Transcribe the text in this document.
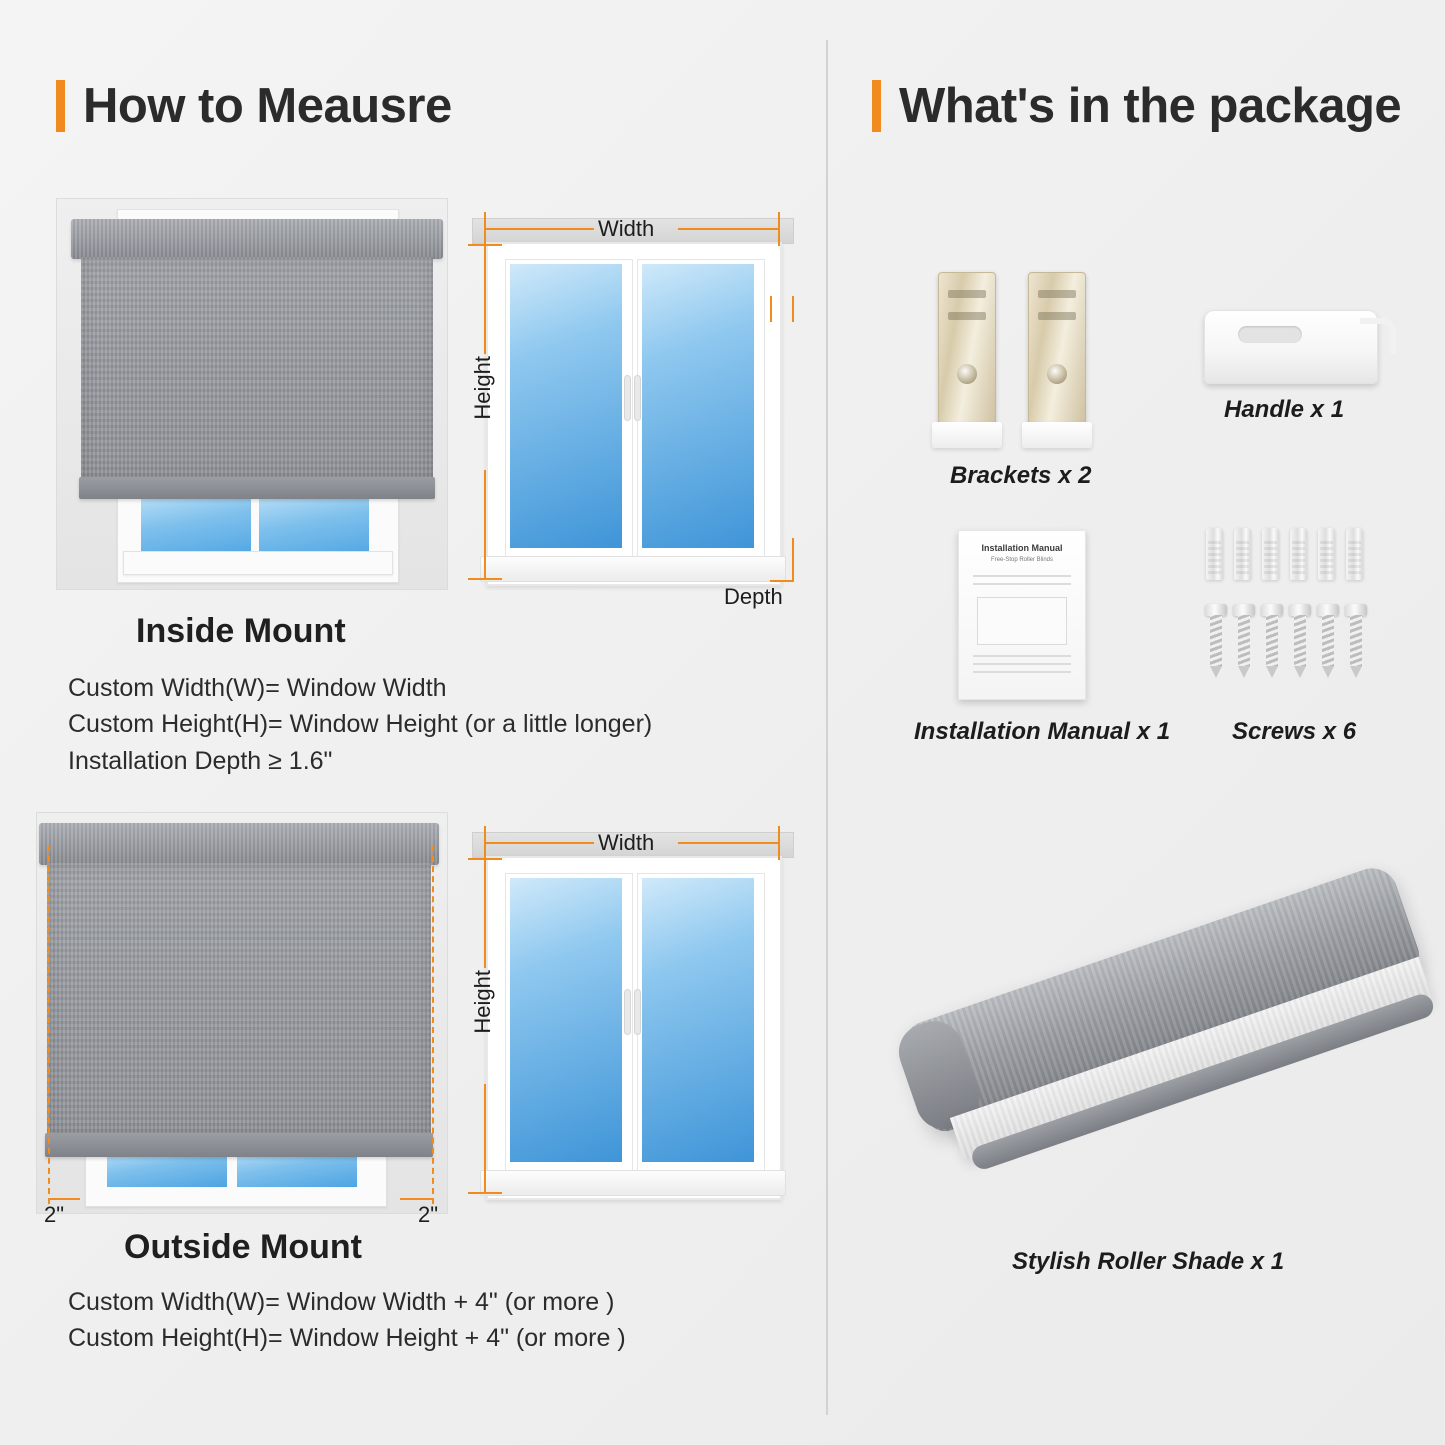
How to Meausre
Width
Height
Depth
Inside Mount
Custom Width(W)= Window Width
Custom Height(H)= Window Height (or a little longer)
Installation Depth ≥ 1.6"
2"	2"
Width
Height
Outside Mount
Custom Width(W)= Window Width + 4" (or more )
Custom Height(H)= Window Height + 4" (or more )
What's in the package
Brackets x 2
Handle x 1
Installation Manual
Free-Stop Roller Blinds
Installation Manual x 1	Screws x 6
Stylish Roller Shade x 1
